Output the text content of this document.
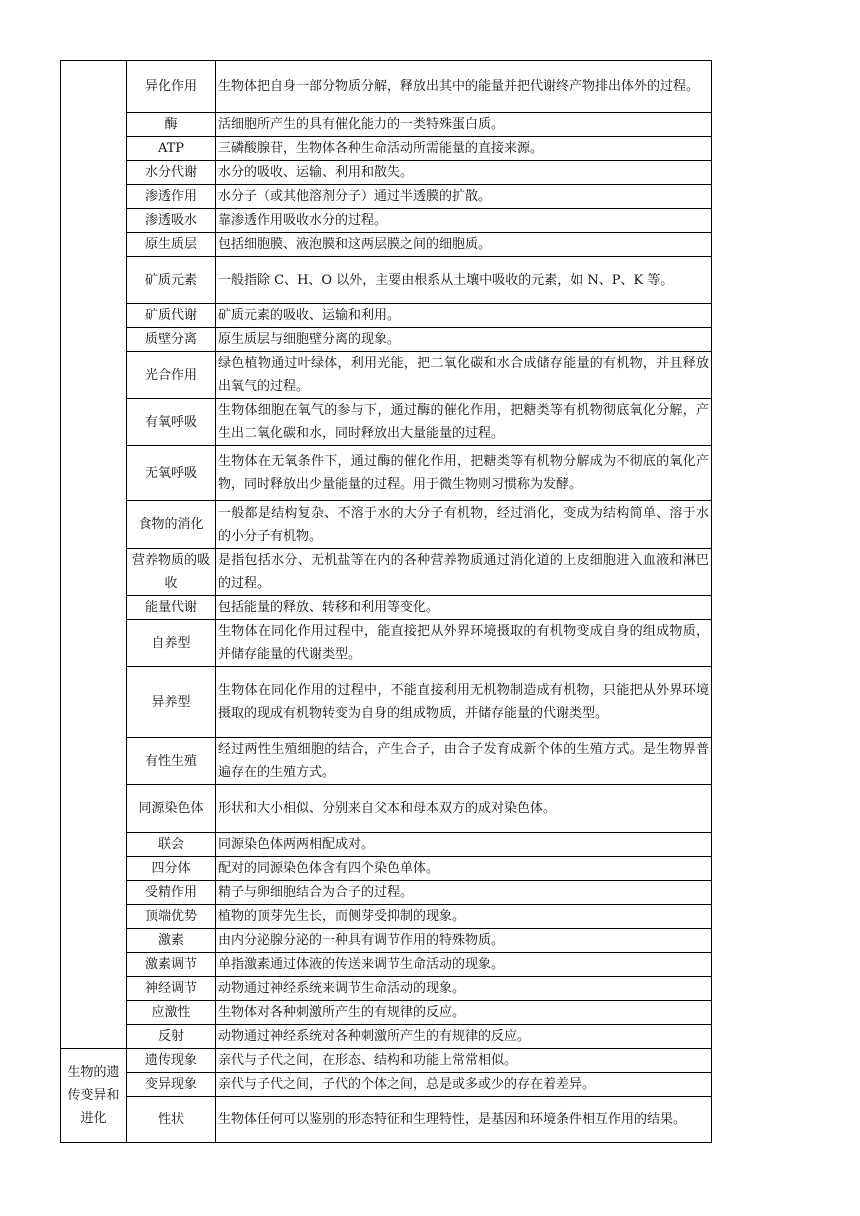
	异化作用	生物体把自身一部分物质分解，释放出其中的能量并把代谢终产物排出体外的过程。
	酶	活细胞所产生的具有催化能力的一类特殊蛋白质。
	ATP	三磷酸腺苷，生物体各种生命活动所需能量的直接来源。
	水分代谢	水分的吸收、运输、利用和散失。
	渗透作用	水分子（或其他溶剂分子）通过半透膜的扩散。
	渗透吸水	靠渗透作用吸收水分的过程。
	原生质层	包括细胞膜、液泡膜和这两层膜之间的细胞质。
	矿质元素	一般指除 C、H、O 以外，主要由根系从土壤中吸收的元素，如 N、P、K 等。
	矿质代谢	矿质元素的吸收、运输和利用。
	质壁分离	原生质层与细胞壁分离的现象。
	光合作用	绿色植物通过叶绿体，利用光能，把二氧化碳和水合成储存能量的有机物，并且释放出氧气的过程。
	有氧呼吸	生物体细胞在氧气的参与下，通过酶的催化作用，把糖类等有机物彻底氧化分解，产生出二氧化碳和水，同时释放出大量能量的过程。
	无氧呼吸	生物体在无氧条件下，通过酶的催化作用，把糖类等有机物分解成为不彻底的氧化产物，同时释放出少量能量的过程。用于微生物则习惯称为发酵。
	食物的消化	一般都是结构复杂、不溶于水的大分子有机物，经过消化，变成为结构简单、溶于水的小分子有机物。
	营养物质的吸收	是指包括水分、无机盐等在内的各种营养物质通过消化道的上皮细胞进入血液和淋巴的过程。
	能量代谢	包括能量的释放、转移和利用等变化。
	自养型	生物体在同化作用过程中，能直接把从外界环境摄取的有机物变成自身的组成物质，并储存能量的代谢类型。
	异养型	生物体在同化作用的过程中，不能直接利用无机物制造成有机物，只能把从外界环境摄取的现成有机物转变为自身的组成物质，并储存能量的代谢类型。
	有性生殖	经过两性生殖细胞的结合，产生合子，由合子发育成新个体的生殖方式。是生物界普遍存在的生殖方式。
	同源染色体	形状和大小相似、分别来自父本和母本双方的成对染色体。
	联会	同源染色体两两相配成对。
	四分体	配对的同源染色体含有四个染色单体。
	受精作用	精子与卵细胞结合为合子的过程。
	顶端优势	植物的顶芽先生长，而侧芽受抑制的现象。
	激素	由内分泌腺分泌的一种具有调节作用的特殊物质。
	激素调节	单指激素通过体液的传送来调节生命活动的现象。
	神经调节	动物通过神经系统来调节生命活动的现象。
	应激性	生物体对各种刺激所产生的有规律的反应。
	反射	动物通过神经系统对各种刺激所产生的有规律的反应。
生物的遗传变异和进化	遗传现象	亲代与子代之间，在形态、结构和功能上常常相似。
	变异现象	亲代与子代之间，子代的个体之间，总是或多或少的存在着差异。
	性状	生物体任何可以鉴别的形态特征和生理特性，是基因和环境条件相互作用的结果。
